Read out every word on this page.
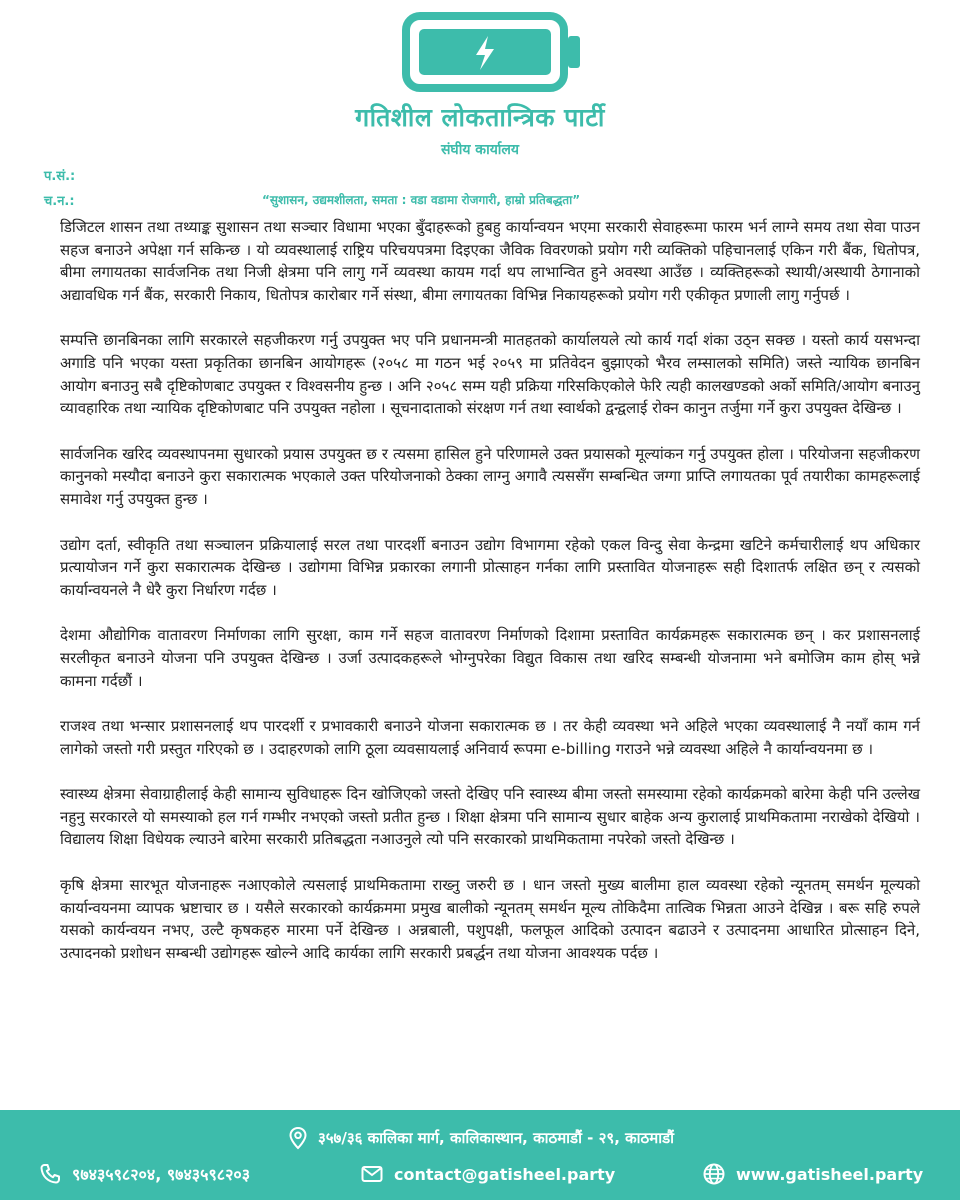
गतिशील लोकतान्त्रिक पार्टी
संघीय कार्यालय
प.सं.:
च.न.:	“सुशासन, उद्यमशीलता, समता : वडा वडामा रोजगारी, हाम्रो प्रतिबद्धता”

डिजिटल शासन तथा तथ्याङ्क सुशासन तथा सञ्चार विधामा भएका बुँदाहरूको हुबहु कार्यान्वयन भएमा सरकारी सेवाहरूमा फारम भर्न लाग्ने समय तथा सेवा पाउन सहज बनाउने अपेक्षा गर्न सकिन्छ । यो व्यवस्थालाई राष्ट्रिय परिचयपत्रमा दिइएका जैविक विवरणको प्रयोग गरी व्यक्तिको पहिचानलाई एकिन गरी बैंक, धितोपत्र, बीमा लगायतका सार्वजनिक तथा निजी क्षेत्रमा पनि लागु गर्ने व्यवस्था कायम गर्दा थप लाभान्वित हुने अवस्था आउँछ । व्यक्तिहरूको स्थायी/अस्थायी ठेगानाको अद्यावधिक गर्न बैंक, सरकारी निकाय, धितोपत्र कारोबार गर्ने संस्था, बीमा लगायतका विभिन्न निकायहरूको प्रयोग गरी एकीकृत प्रणाली लागु गर्नुपर्छ ।

सम्पत्ति छानबिनका लागि सरकारले सहजीकरण गर्नु उपयुक्त भए पनि प्रधानमन्त्री मातहतको कार्यालयले त्यो कार्य गर्दा शंका उठ्न सक्छ । यस्तो कार्य यसभन्दा अगाडि पनि भएका यस्ता प्रकृतिका छानबिन आयोगहरू (२०५८ मा गठन भई २०५९ मा प्रतिवेदन बुझाएको भैरव लम्सालको समिति) जस्ते न्यायिक छानबिन आयोग बनाउनु सबै दृष्टिकोणबाट उपयुक्त र विश्वसनीय हुन्छ । अनि २०५८ सम्म यही प्रक्रिया गरिसकिएकोले फेरि त्यही कालखण्डको अर्को समिति/आयोग बनाउनु व्यावहारिक तथा न्यायिक दृष्टिकोणबाट पनि उपयुक्त नहोला । सूचनादाताको संरक्षण गर्न तथा स्वार्थको द्वन्द्वलाई रोक्न कानुन तर्जुमा गर्ने कुरा उपयुक्त देखिन्छ ।

सार्वजनिक खरिद व्यवस्थापनमा सुधारको प्रयास उपयुक्त छ र त्यसमा हासिल हुने परिणामले उक्त प्रयासको मूल्यांकन गर्नु उपयुक्त होला । परियोजना सहजीकरण कानुनको मस्यौदा बनाउने कुरा सकारात्मक भएकाले उक्त परियोजनाको ठेक्का लाग्नु अगावै त्यससँग सम्बन्धित जग्गा प्राप्ति लगायतका पूर्व तयारीका कामहरूलाई समावेश गर्नु उपयुक्त हुन्छ ।

उद्योग दर्ता, स्वीकृति तथा सञ्चालन प्रक्रियालाई सरल तथा पारदर्शी बनाउन उद्योग विभागमा रहेको एकल विन्दु सेवा केन्द्रमा खटिने कर्मचारीलाई थप अधिकार प्रत्यायोजन गर्ने कुरा सकारात्मक देखिन्छ । उद्योगमा विभिन्न प्रकारका लगानी प्रोत्साहन गर्नका लागि प्रस्तावित योजनाहरू सही दिशातर्फ लक्षित छन् र त्यसको कार्यान्वयनले नै धेरै कुरा निर्धारण गर्दछ ।

देशमा औद्योगिक वातावरण निर्माणका लागि सुरक्षा, काम गर्ने सहज वातावरण निर्माणको दिशामा प्रस्तावित कार्यक्रमहरू सकारात्मक छन् । कर प्रशासनलाई सरलीकृत बनाउने योजना पनि उपयुक्त देखिन्छ । उर्जा उत्पादकहरूले भोग्नुपरेका विद्युत विकास तथा खरिद सम्बन्धी योजनामा भने बमोजिम काम होस् भन्ने कामना गर्दछौं ।

राजश्व तथा भन्सार प्रशासनलाई थप पारदर्शी र प्रभावकारी बनाउने योजना सकारात्मक छ । तर केही व्यवस्था भने अहिले भएका व्यवस्थालाई नै नयाँ काम गर्न लागेको जस्तो गरी प्रस्तुत गरिएको छ । उदाहरणको लागि ठूला व्यवसायलाई अनिवार्य रूपमा e-billing गराउने भन्ने व्यवस्था अहिले नै कार्यान्वयनमा छ ।

स्वास्थ्य क्षेत्रमा सेवाग्राहीलाई केही सामान्य सुविधाहरू दिन खोजिएको जस्तो देखिए पनि स्वास्थ्य बीमा जस्तो समस्यामा रहेको कार्यक्रमको बारेमा केही पनि उल्लेख नहुनु सरकारले यो समस्याको हल गर्न गम्भीर नभएको जस्तो प्रतीत हुन्छ । शिक्षा क्षेत्रमा पनि सामान्य सुधार बाहेक अन्य कुरालाई प्राथमिकतामा नराखेको देखियो । विद्यालय शिक्षा विधेयक ल्याउने बारेमा सरकारी प्रतिबद्धता नआउनुले त्यो पनि सरकारको प्राथमिकतामा नपरेको जस्तो देखिन्छ ।

कृषि क्षेत्रमा सारभूत योजनाहरू नआएकोले त्यसलाई प्राथमिकतामा राख्नु जरुरी छ । धान जस्तो मुख्य बालीमा हाल व्यवस्था रहेको न्यूनतम् समर्थन मूल्यको कार्यान्वयनमा व्यापक भ्रष्टाचार छ । यसैले सरकारको कार्यक्रममा प्रमुख बालीको न्यूनतम् समर्थन मूल्य तोकिदैमा तात्विक भिन्नता आउने देखिन्न । बरू सहि रुपले यसको कार्यन्वयन नभए, उल्टै कृषकहरु मारमा पर्ने देखिन्छ । अन्नबाली, पशुपक्षी, फलफूल आदिको उत्पादन बढाउने र उत्पादनमा आधारित प्रोत्साहन दिने, उत्पादनको प्रशोधन सम्बन्धी उद्योगहरू खोल्ने आदि कार्यका लागि सरकारी प्रबर्द्धन तथा योजना आवश्यक पर्दछ ।

३५७/३६ कालिका मार्ग, कालिकास्थान, काठमाडौं - २९, काठमाडौं
९७४३५९८२०४, ९७४३५९८२०३	contact@gatisheel.party	www.gatisheel.party
